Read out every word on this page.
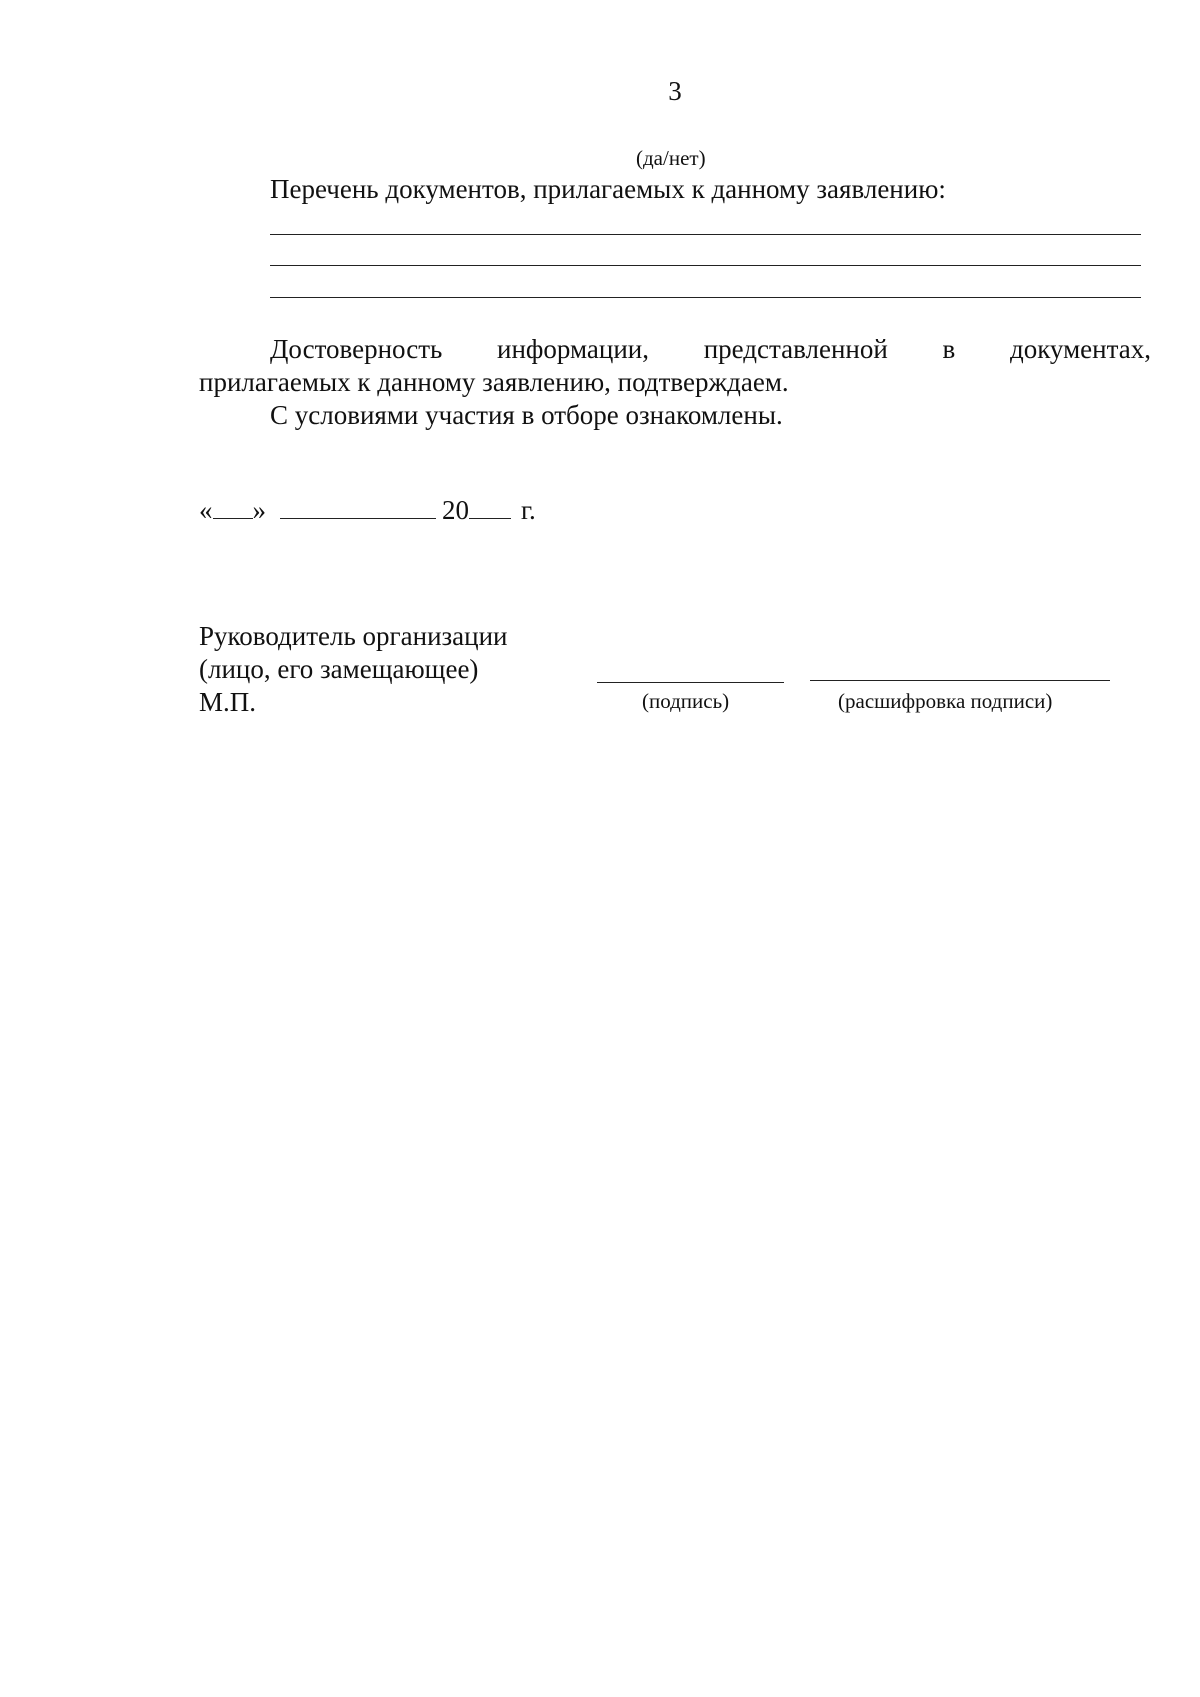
3
(да/нет)
Перечень документов, прилагаемых к данному заявлению:
Достоверность информации, представленной в документах,
прилагаемых к данному заявлению, подтверждаем.
С условиями участия в отборе ознакомлены.
« »	20 г.
Руководитель организации
(лицо, его замещающее)
М.П.	(подпись)	(расшифровка подписи)
